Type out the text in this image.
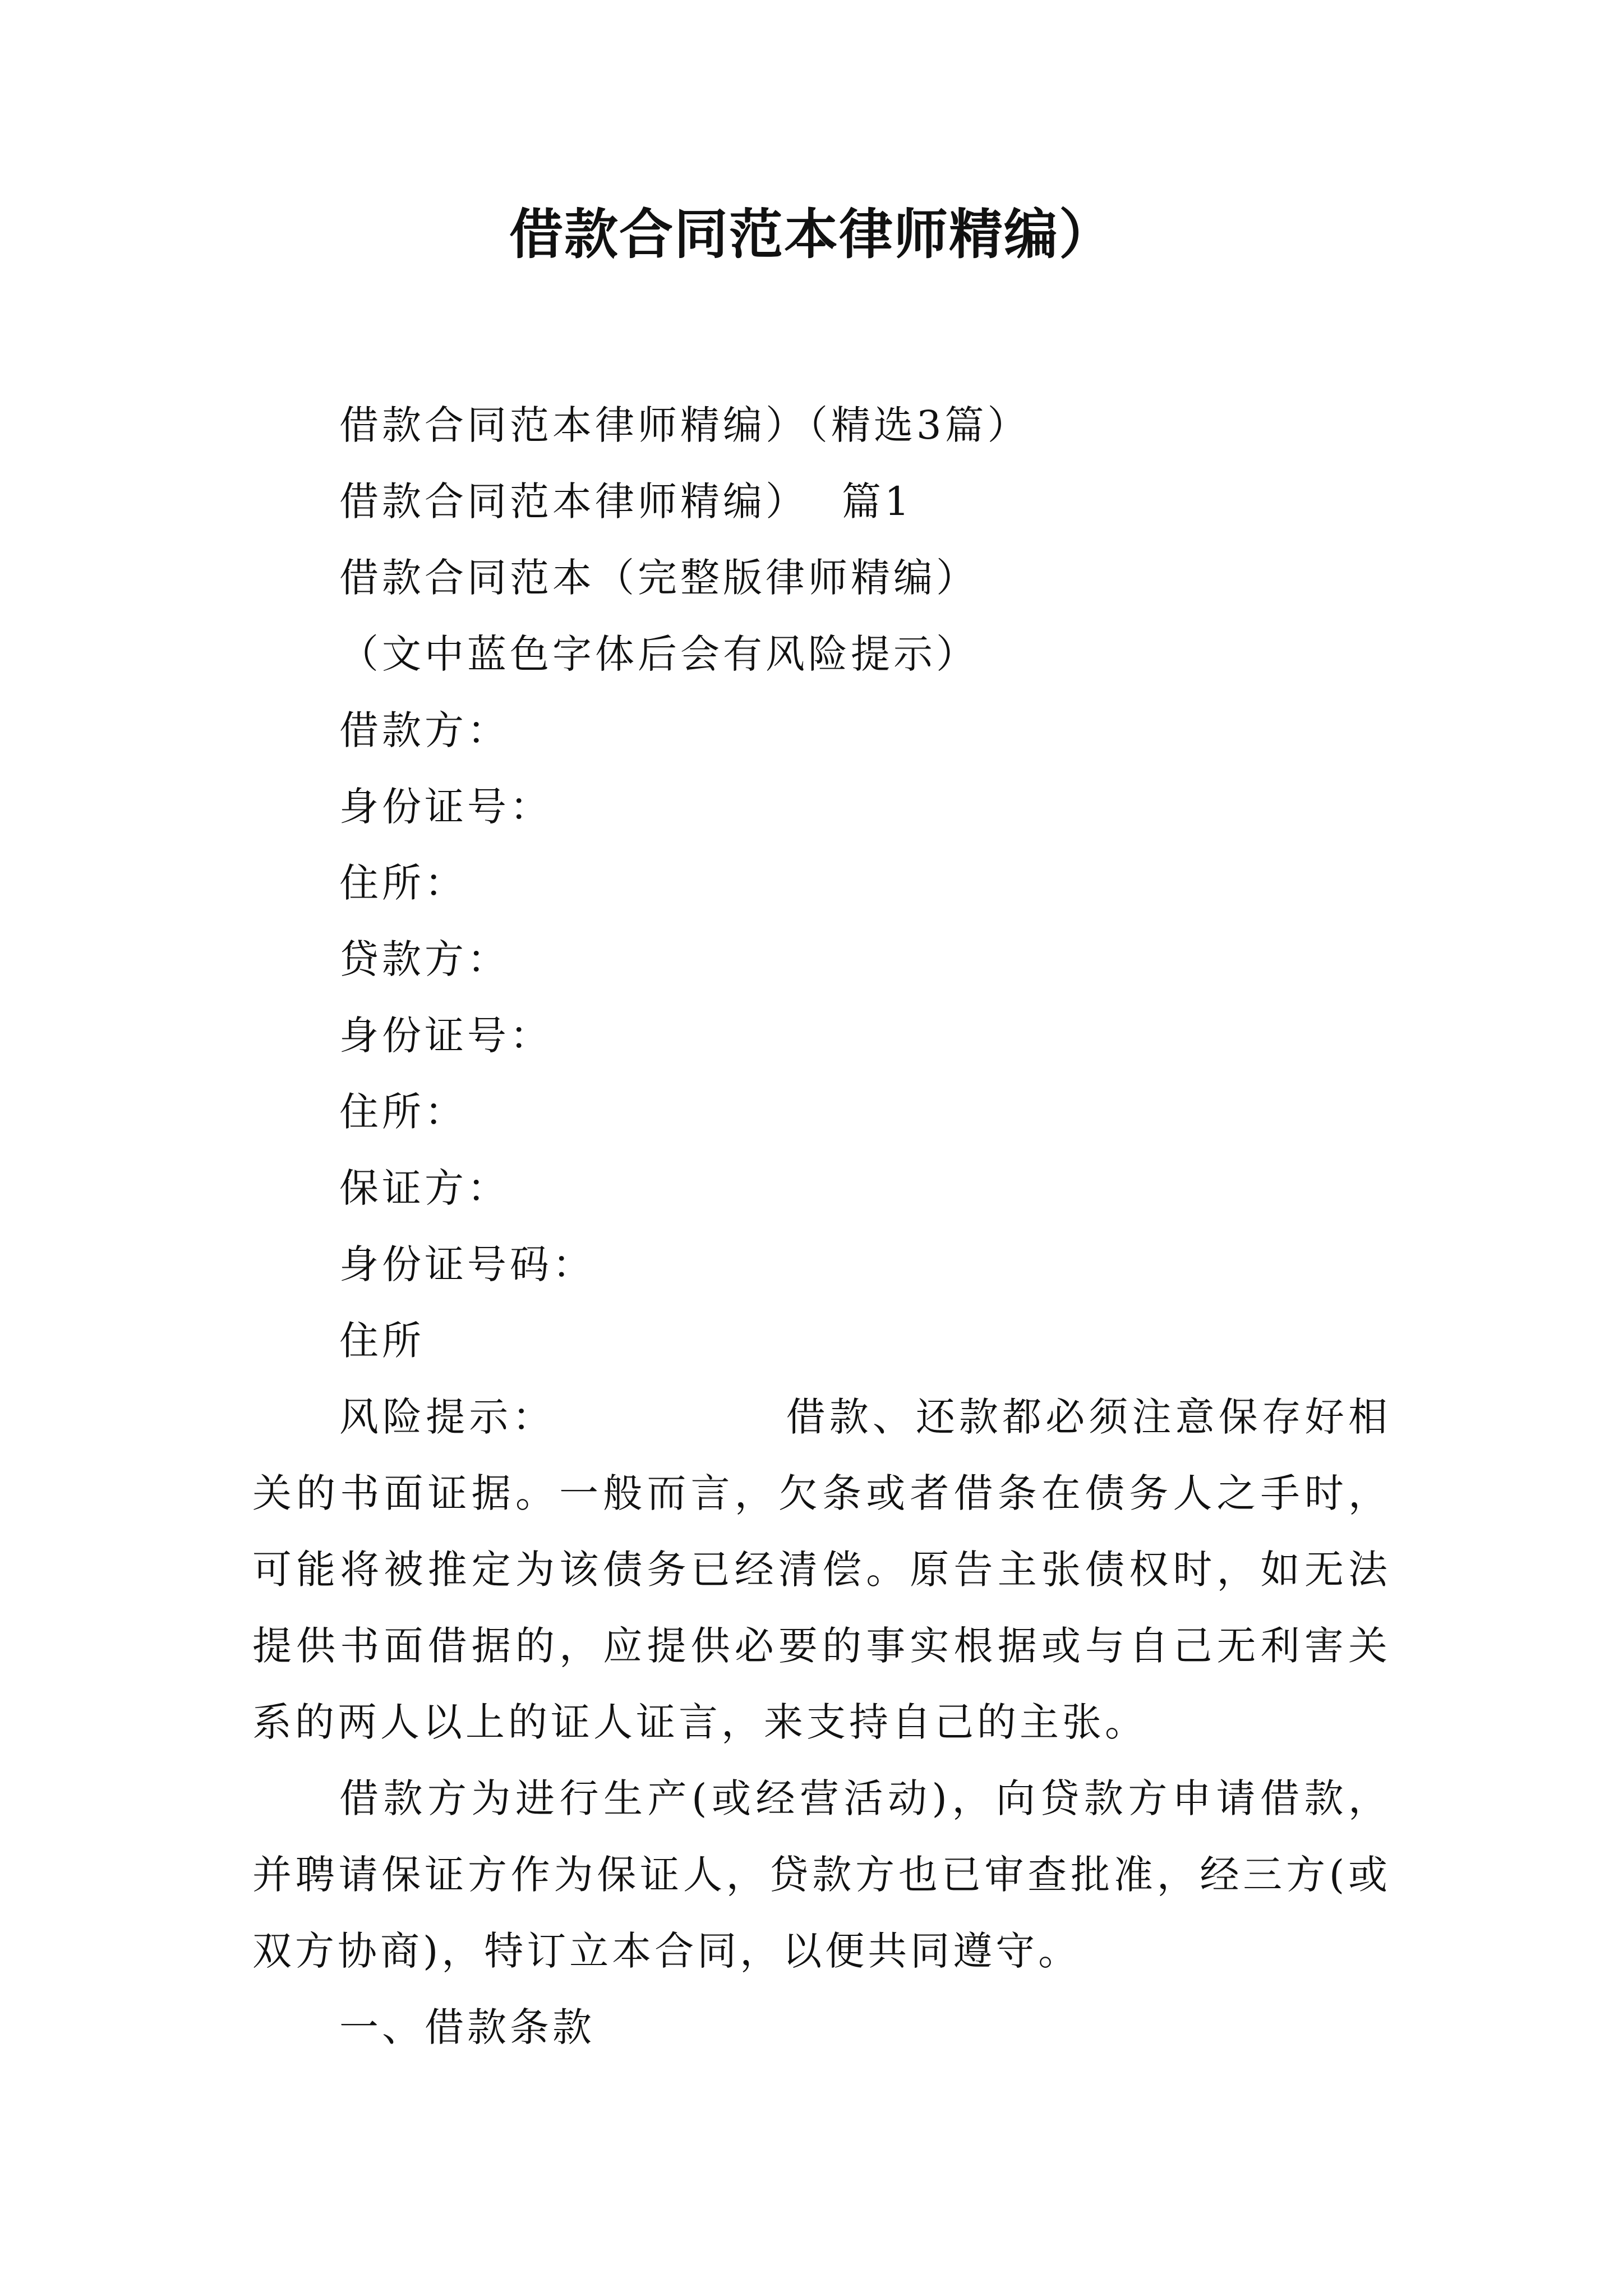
借款合同范本律师精编）

借款合同范本律师精编）（精选3篇）

借款合同范本律师精编） 篇1

借款合同范本（完整版律师精编）

（文中蓝色字体后会有风险提示）

借款方：

身份证号：

住所：

贷款方：

身份证号：

住所：

保证方：

身份证号码：

住所

风险提示：	借款、还款都必须注意保存好相关的书面证据。一般而言，欠条或者借条在债务人之手时，可能将被推定为该债务已经清偿。原告主张债权时，如无法提供书面借据的，应提供必要的事实根据或与自己无利害关系的两人以上的证人证言，来支持自己的主张。

借款方为进行生产(或经营活动)，向贷款方申请借款，并聘请保证方作为保证人，贷款方也已审查批准，经三方(或双方协商)，特订立本合同，以便共同遵守。

一、借款条款
